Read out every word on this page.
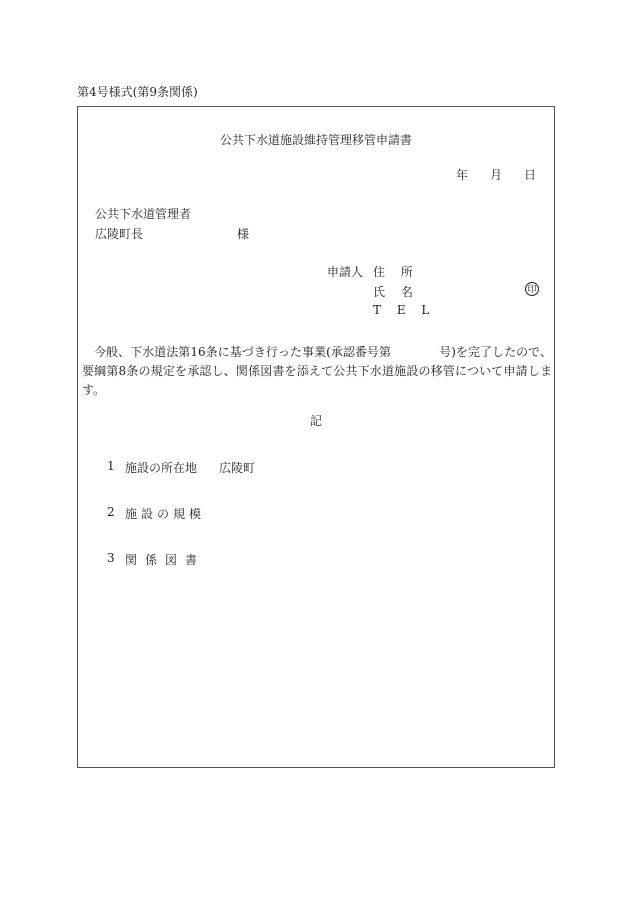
第4号様式(第9条関係)
公共下水道施設維持管理移管申請書
年 月 日
公共下水道管理者
広陵町長	様
申請人 住 所
氏 名	印
T E L
今般、下水道法第16条に基づき行った事業(承認番号第　　　　号)を完了したので、要綱第8条の規定を承認し、関係図書を添えて公共下水道施設の移管について申請します。
記
1 施設の所在地 広陵町
2 施設の規模
3 関係図書
